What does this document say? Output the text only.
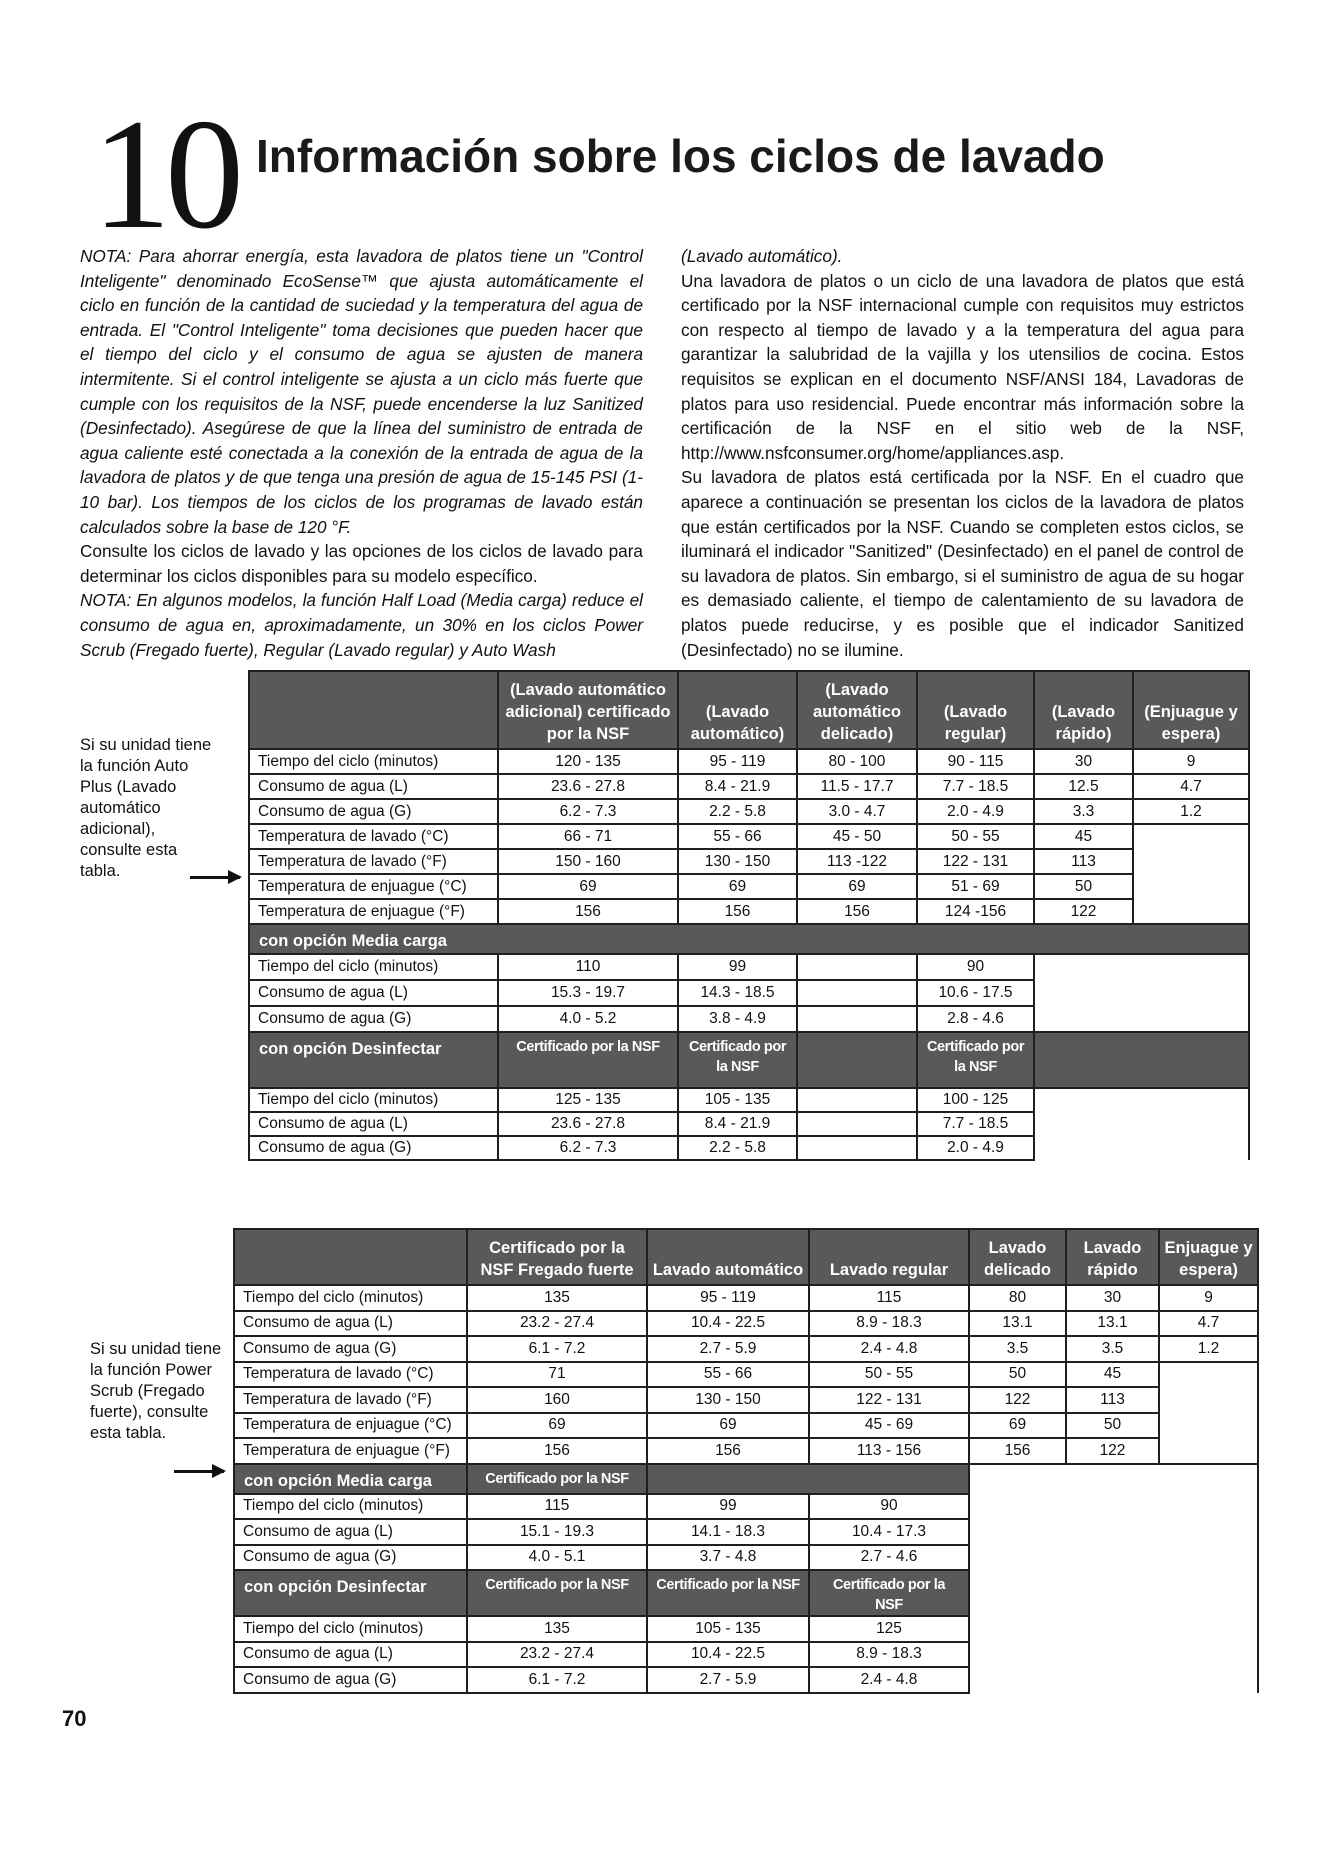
10 Información sobre los ciclos de lavado

NOTA: Para ahorrar energía, esta lavadora de platos tiene un "Control Inteligente" denominado EcoSense™ que ajusta automáticamente el ciclo en función de la cantidad de suciedad y la temperatura del agua de entrada. El "Control Inteligente" toma decisiones que pueden hacer que el tiempo del ciclo y el consumo de agua se ajusten de manera intermitente. Si el control inteligente se ajusta a un ciclo más fuerte que cumple con los requisitos de la NSF, puede encenderse la luz Sanitized (Desinfectado). Asegúrese de que la línea del suministro de entrada de agua caliente esté conectada a la conexión de la entrada de agua de la lavadora de platos y de que tenga una presión de agua de 15-145 PSI (1-10 bar). Los tiempos de los ciclos de los programas de lavado están calculados sobre la base de 120 °F.

Consulte los ciclos de lavado y las opciones de los ciclos de lavado para determinar los ciclos disponibles para su modelo específico.

NOTA: En algunos modelos, la función Half Load (Media carga) reduce el consumo de agua en, aproximadamente, un 30% en los ciclos Power Scrub (Fregado fuerte), Regular (Lavado regular) y Auto Wash

(Lavado automático).

Una lavadora de platos o un ciclo de una lavadora de platos que está certificado por la NSF internacional cumple con requisitos muy estrictos con respecto al tiempo de lavado y a la temperatura del agua para garantizar la salubridad de la vajilla y los utensilios de cocina. Estos requisitos se explican en el documento NSF/ANSI 184, Lavadoras de platos para uso residencial. Puede encontrar más información sobre la certificación de la NSF en el sitio web de la NSF, http://www.nsfconsumer.org/home/appliances.asp.

Su lavadora de platos está certificada por la NSF. En el cuadro que aparece a continuación se presentan los ciclos de la lavadora de platos que están certificados por la NSF. Cuando se completen estos ciclos, se iluminará el indicador "Sanitized" (Desinfectado) en el panel de control de su lavadora de platos. Sin embargo, si el suministro de agua de su hogar es demasiado caliente, el tiempo de calentamiento de su lavadora de platos puede reducirse, y es posible que el indicador Sanitized (Desinfectado) no se ilumine.

Si su unidad tiene la función Auto Plus (Lavado automático adicional), consulte esta tabla.
Si su unidad tiene la función Power Scrub (Fregado fuerte), consulte esta tabla.
	(Lavado automático adicional) certificado por la NSF	(Lavado automático)	(Lavado automático delicado)	(Lavado regular)	(Lavado rápido)	(Enjuague y espera)
Tiempo del ciclo (minutos)	120 - 135	95 - 119	80 - 100	90 - 115	30	9
Consumo de agua (L)	23.6 - 27.8	8.4 - 21.9	11.5 - 17.7	7.7 - 18.5	12.5	4.7
Consumo de agua (G)	6.2 - 7.3	2.2 - 5.8	3.0 - 4.7	2.0 - 4.9	3.3	1.2
Temperatura de lavado (°C)	66 - 71	55 - 66	45 - 50	50 - 55	45	
Temperatura de lavado (°F)	150 - 160	130 - 150	113 -122	122 - 131	113	
Temperatura de enjuague (°C)	69	69	69	51 - 69	50	
Temperatura de enjuague (°F)	156	156	156	124 -156	122	
con opción Media carga						
Tiempo del ciclo (minutos)	110	99		90		
Consumo de agua (L)	15.3 - 19.7	14.3 - 18.5		10.6 - 17.5		
Consumo de agua (G)	4.0 - 5.2	3.8 - 4.9		2.8 - 4.6		
con opción Desinfectar	Certificado por la NSF	Certificado por la NSF		Certificado por la NSF		
Tiempo del ciclo (minutos)	125 - 135	105 - 135		100 - 125		
Consumo de agua (L)	23.6 - 27.8	8.4 - 21.9		7.7 - 18.5		
Consumo de agua (G)	6.2 - 7.3	2.2 - 5.8		2.0 - 4.9		
	Certificado por la NSF Fregado fuerte	Lavado automático	Lavado regular	Lavado delicado	Lavado rápido	Enjuague y espera)
Tiempo del ciclo (minutos)	135	95 - 119	115	80	30	9
Consumo de agua (L)	23.2 - 27.4	10.4 - 22.5	8.9 - 18.3	13.1	13.1	4.7
Consumo de agua (G)	6.1 - 7.2	2.7 - 5.9	2.4 - 4.8	3.5	3.5	1.2
Temperatura de lavado (°C)	71	55 - 66	50 - 55	50	45	
Temperatura de lavado (°F)	160	130 - 150	122 - 131	122	113	
Temperatura de enjuague (°C)	69	69	45 - 69	69	50	
Temperatura de enjuague (°F)	156	156	113 - 156	156	122	
con opción Media carga	Certificado por la NSF					
Tiempo del ciclo (minutos)	115	99	90			
Consumo de agua (L)	15.1 - 19.3	14.1 - 18.3	10.4 - 17.3			
Consumo de agua (G)	4.0 - 5.1	3.7 - 4.8	2.7 - 4.6			
con opción Desinfectar	Certificado por la NSF	Certificado por la NSF	Certificado por la NSF			
Tiempo del ciclo (minutos)	135	105 - 135	125			
Consumo de agua (L)	23.2 - 27.4	10.4 - 22.5	8.9 - 18.3			
Consumo de agua (G)	6.1 - 7.2	2.7 - 5.9	2.4 - 4.8			
70
